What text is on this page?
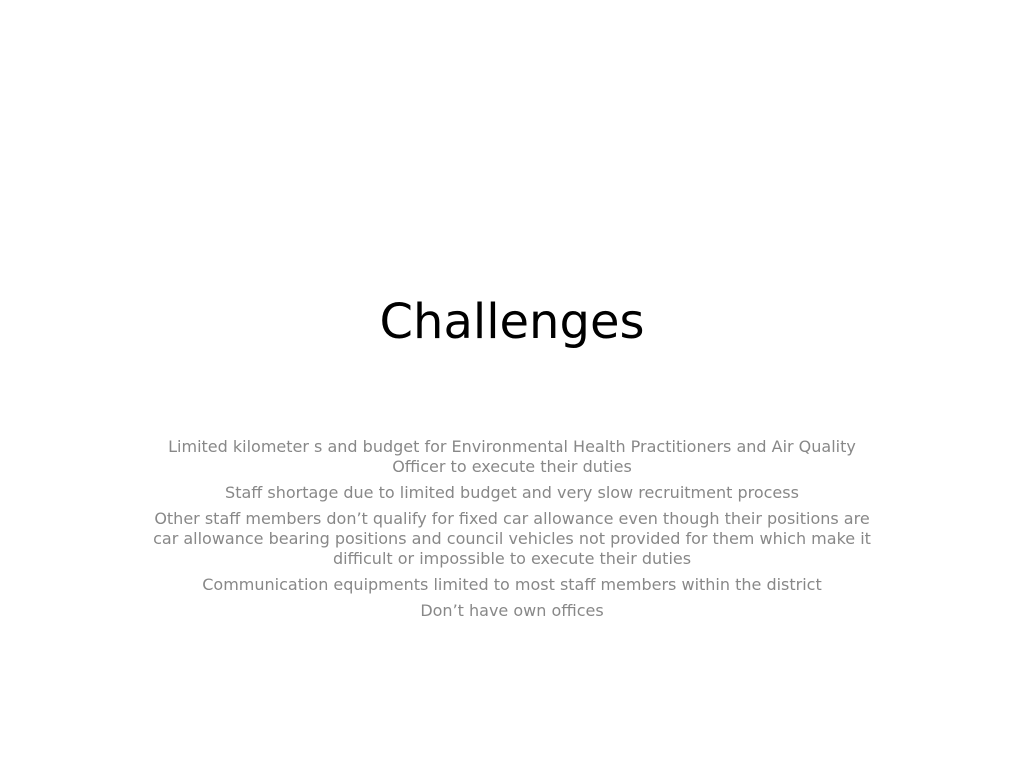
Challenges

Limited kilometer s and budget for Environmental Health Practitioners and Air Quality Officer to execute their duties

Staff shortage due to limited budget and very slow recruitment process

Other staff members don’t qualify for fixed car allowance even though their positions are car allowance bearing positions and council vehicles not provided for them which make it difficult or impossible to execute their duties

Communication equipments limited to most staff members within the district

Don’t have own offices
